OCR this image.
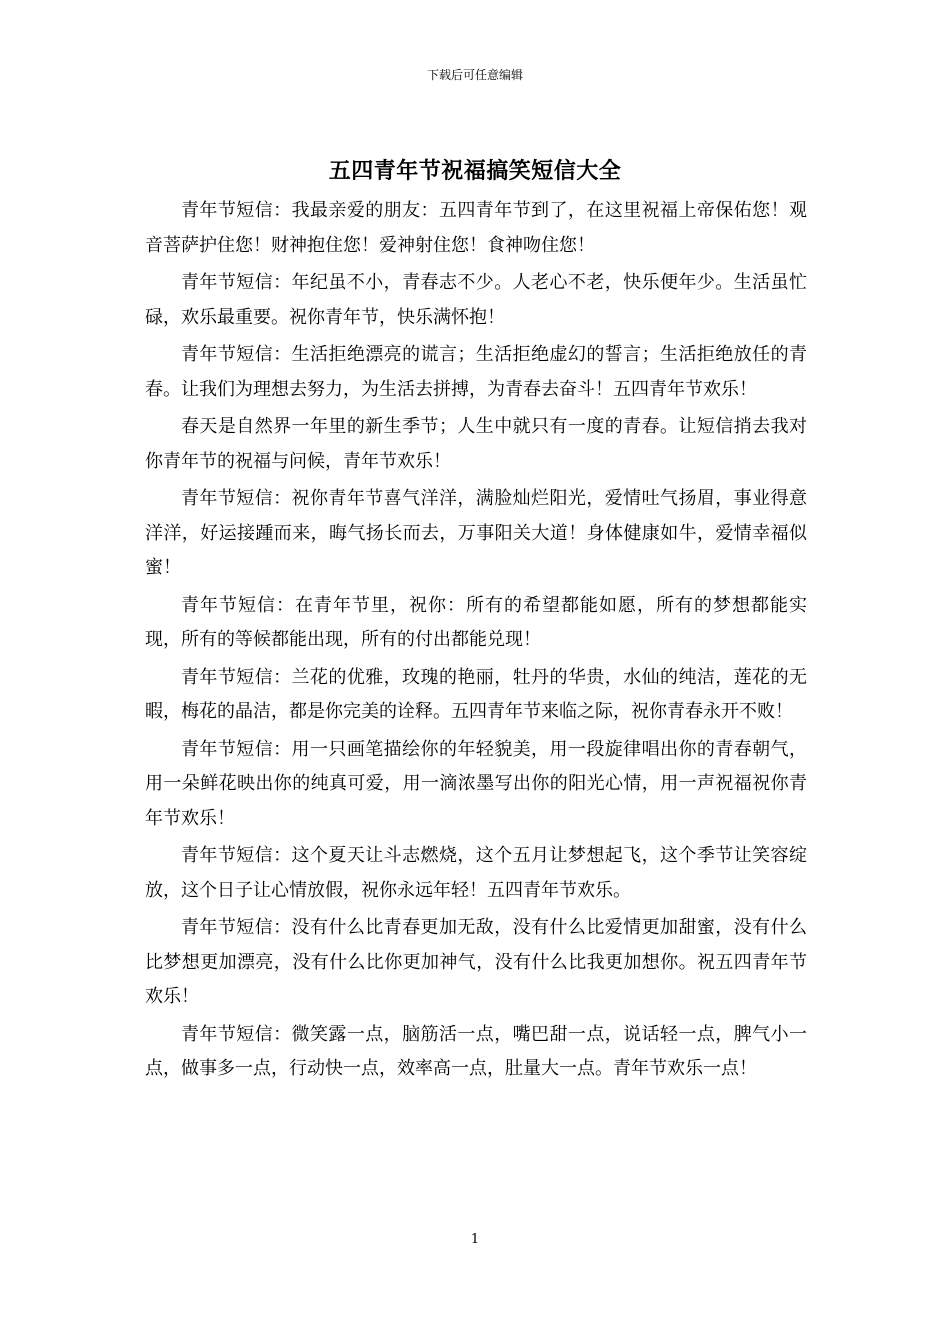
下载后可任意编辑
五四青年节祝福搞笑短信大全

青年节短信：我最亲爱的朋友：五四青年节到了，在这里祝福上帝保佑您！观音菩萨护住您！财神抱住您！爱神射住您！食神吻住您！

青年节短信：年纪虽不小，青春志不少。人老心不老，快乐便年少。生活虽忙碌，欢乐最重要。祝你青年节，快乐满怀抱！

青年节短信：生活拒绝漂亮的谎言；生活拒绝虚幻的誓言；生活拒绝放任的青春。让我们为理想去努力，为生活去拼搏，为青春去奋斗！五四青年节欢乐！

春天是自然界一年里的新生季节；人生中就只有一度的青春。让短信捎去我对你青年节的祝福与问候，青年节欢乐！

青年节短信：祝你青年节喜气洋洋，满脸灿烂阳光，爱情吐气扬眉，事业得意洋洋，好运接踵而来，晦气扬长而去，万事阳关大道！身体健康如牛，爱情幸福似蜜！

青年节短信：在青年节里，祝你：所有的希望都能如愿，所有的梦想都能实现，所有的等候都能出现，所有的付出都能兑现！

青年节短信：兰花的优雅，玫瑰的艳丽，牡丹的华贵，水仙的纯洁，莲花的无暇，梅花的晶洁，都是你完美的诠释。五四青年节来临之际，祝你青春永开不败！

青年节短信：用一只画笔描绘你的年轻貌美，用一段旋律唱出你的青春朝气，用一朵鲜花映出你的纯真可爱，用一滴浓墨写出你的阳光心情，用一声祝福祝你青年节欢乐！

青年节短信：这个夏天让斗志燃烧，这个五月让梦想起飞，这个季节让笑容绽放，这个日子让心情放假，祝你永远年轻！五四青年节欢乐。

青年节短信：没有什么比青春更加无敌，没有什么比爱情更加甜蜜，没有什么比梦想更加漂亮，没有什么比你更加神气，没有什么比我更加想你。祝五四青年节欢乐！

青年节短信：微笑露一点，脑筋活一点，嘴巴甜一点，说话轻一点，脾气小一点，做事多一点，行动快一点，效率高一点，肚量大一点。青年节欢乐一点！

1
